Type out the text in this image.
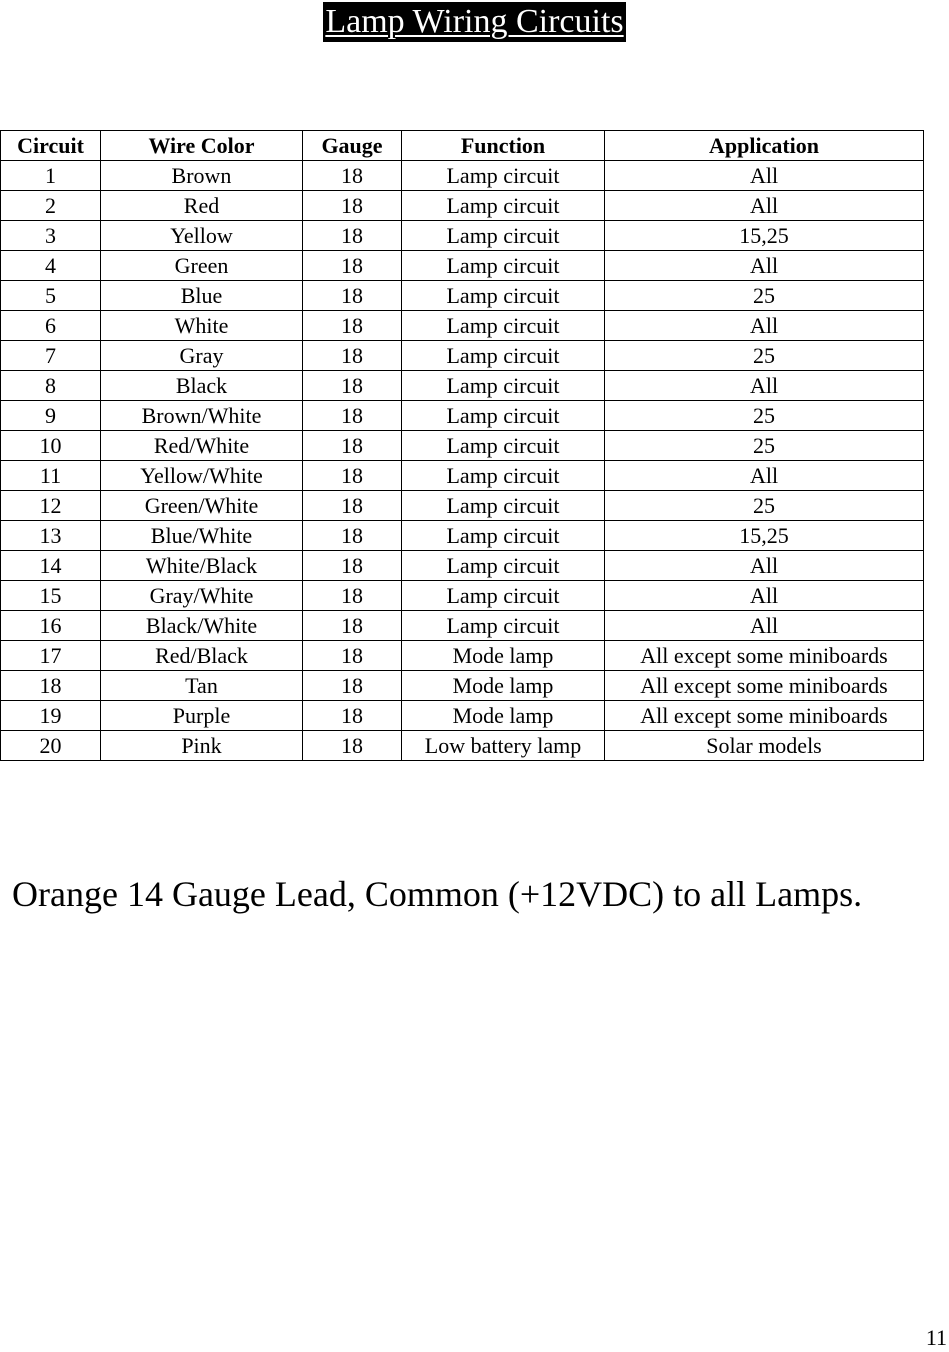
Lamp Wiring Circuits
Circuit	Wire Color	Gauge	Function	Application
1	Brown	18	Lamp circuit	All
2	Red	18	Lamp circuit	All
3	Yellow	18	Lamp circuit	15,25
4	Green	18	Lamp circuit	All
5	Blue	18	Lamp circuit	25
6	White	18	Lamp circuit	All
7	Gray	18	Lamp circuit	25
8	Black	18	Lamp circuit	All
9	Brown/White	18	Lamp circuit	25
10	Red/White	18	Lamp circuit	25
11	Yellow/White	18	Lamp circuit	All
12	Green/White	18	Lamp circuit	25
13	Blue/White	18	Lamp circuit	15,25
14	White/Black	18	Lamp circuit	All
15	Gray/White	18	Lamp circuit	All
16	Black/White	18	Lamp circuit	All
17	Red/Black	18	Mode lamp	All except some miniboards
18	Tan	18	Mode lamp	All except some miniboards
19	Purple	18	Mode lamp	All except some miniboards
20	Pink	18	Low battery lamp	Solar models

Orange 14 Gauge Lead, Common (+12VDC) to all Lamps.

11
